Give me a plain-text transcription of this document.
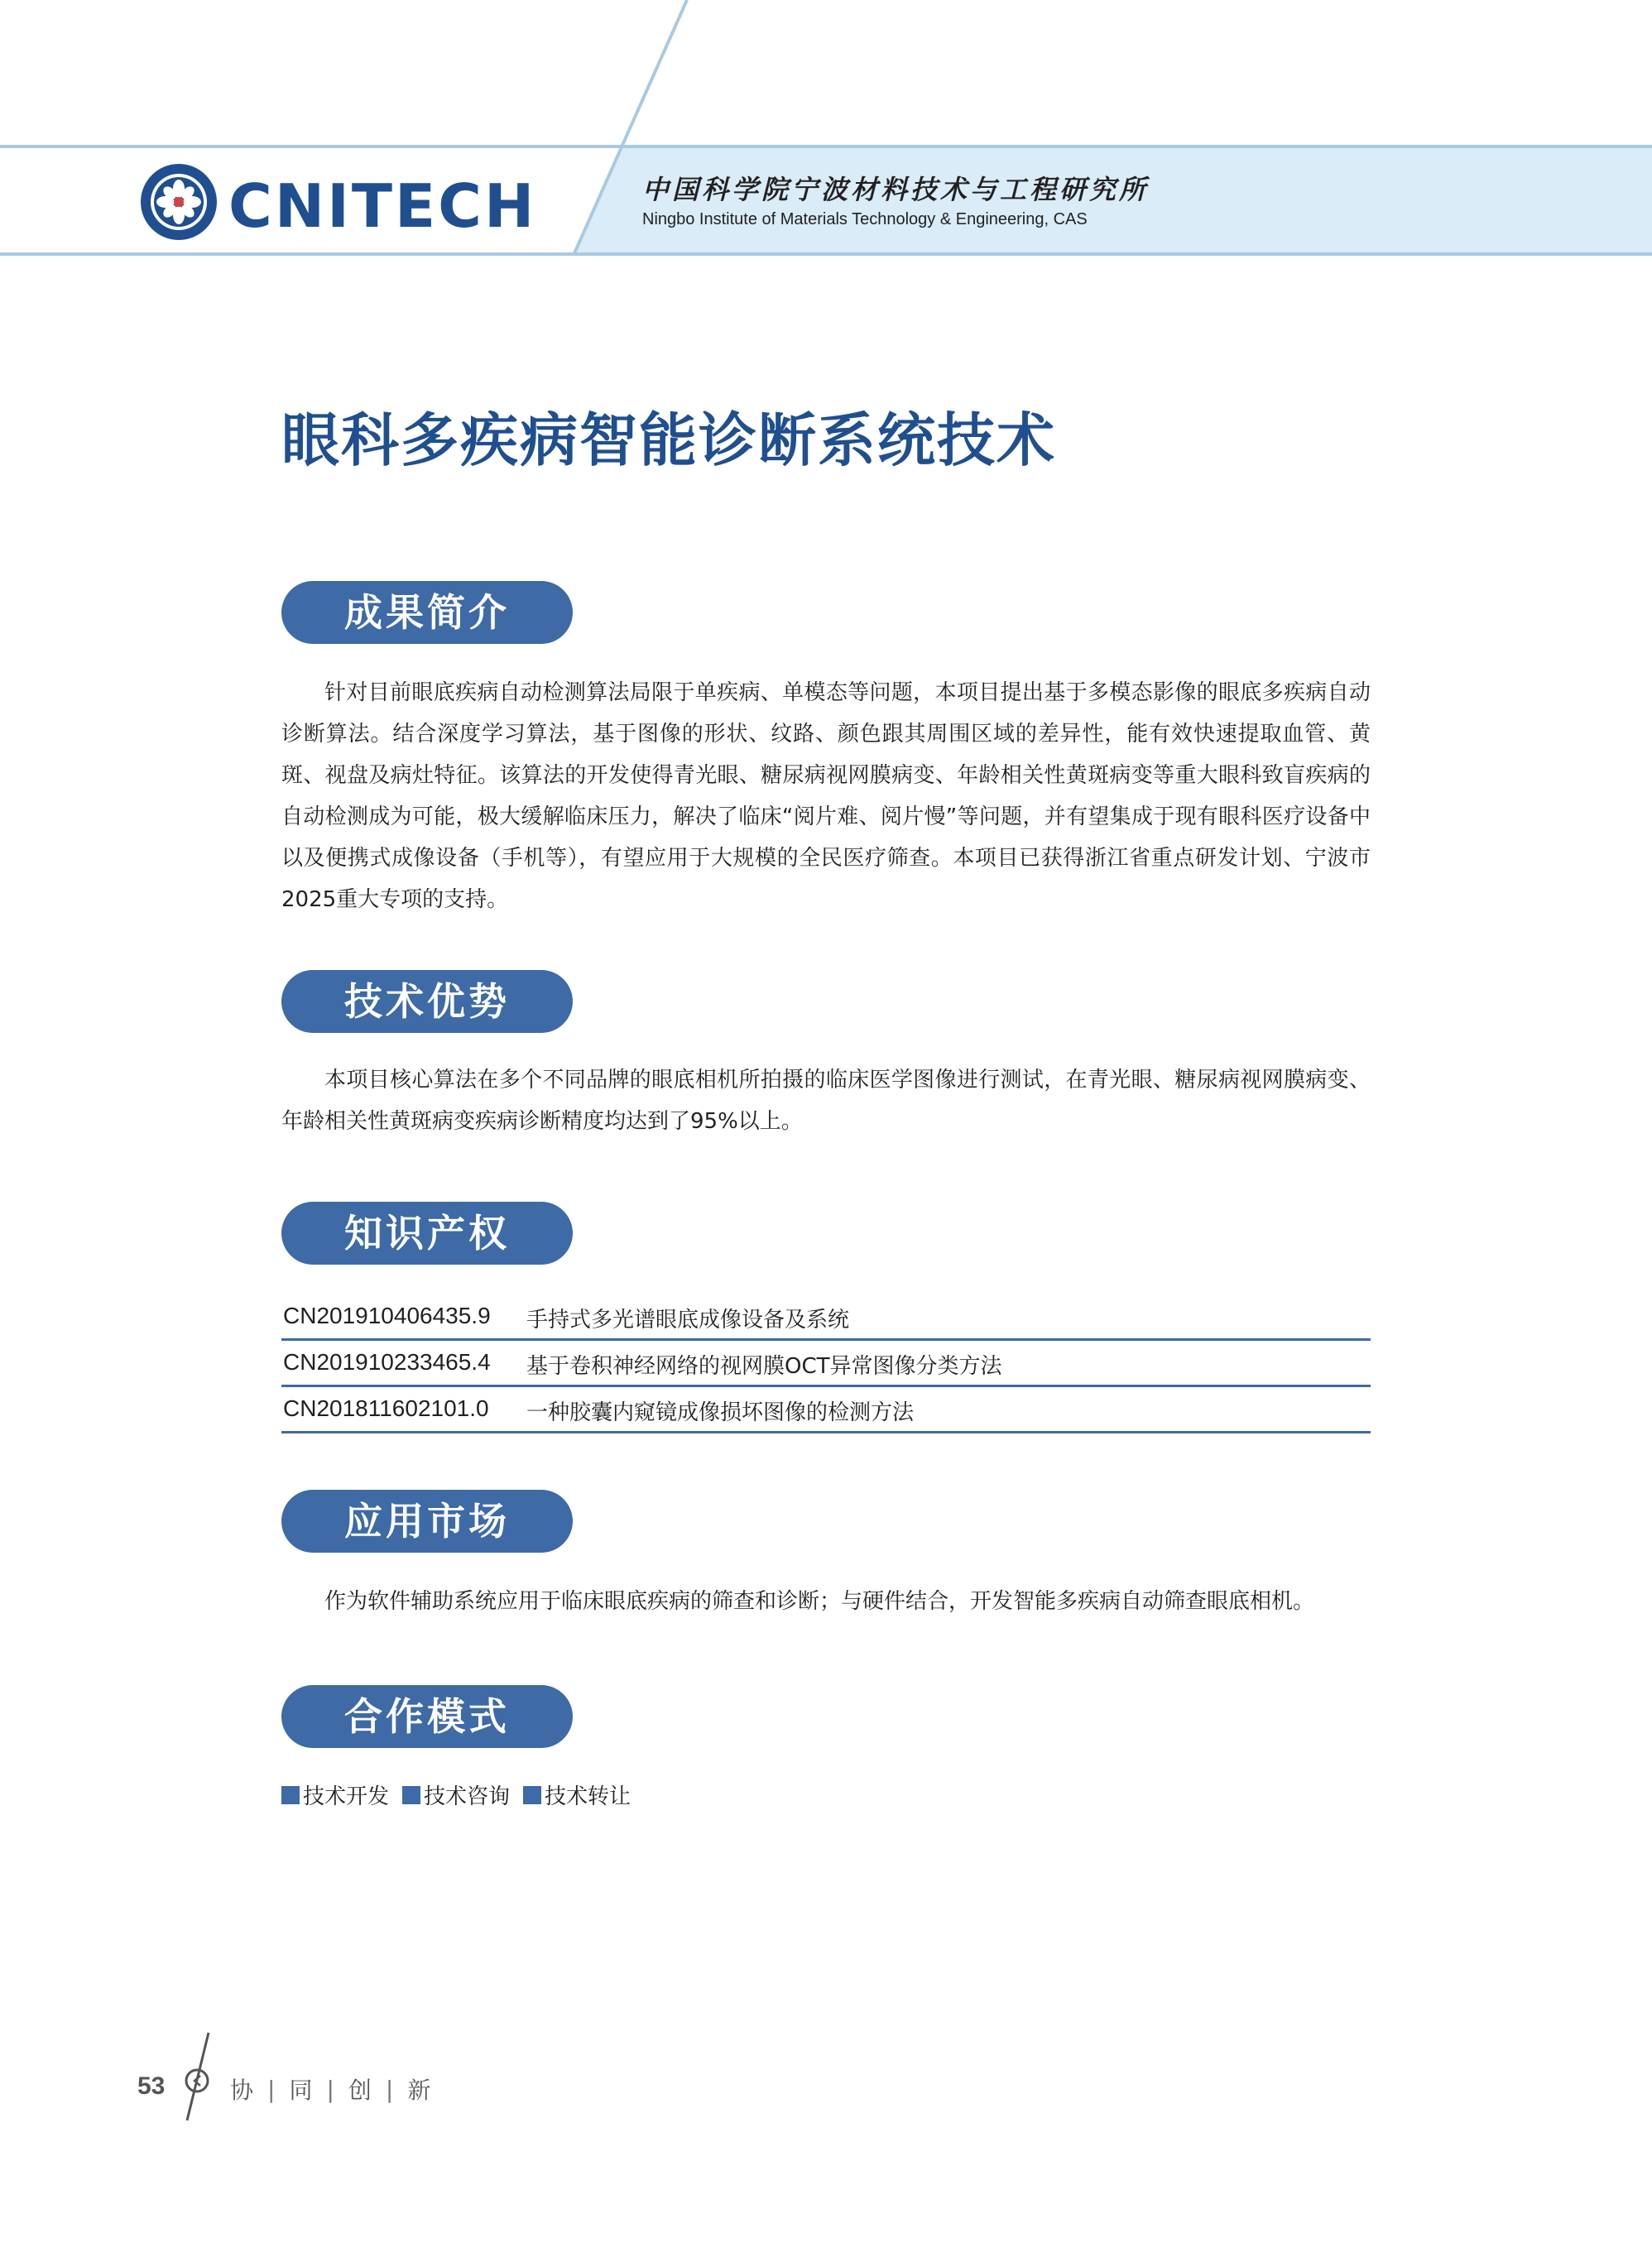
CNITECH	中国科学院宁波材料技术与工程研究所
Ningbo Institute of Materials Technology & Engineering, CAS
眼科多疾病智能诊断系统技术
成果简介

针对目前眼底疾病自动检测算法局限于单疾病、单模态等问题，本项目提出基于多模态影像的眼底多疾病自动诊断算法。结合深度学习算法，基于图像的形状、纹路、颜色跟其周围区域的差异性，能有效快速提取血管、黄斑、视盘及病灶特征。该算法的开发使得青光眼、糖尿病视网膜病变、年龄相关性黄斑病变等重大眼科致盲疾病的自动检测成为可能，极大缓解临床压力，解决了临床“阅片难、阅片慢”等问题，并有望集成于现有眼科医疗设备中以及便携式成像设备（手机等），有望应用于大规模的全民医疗筛查。本项目已获得浙江省重点研发计划、宁波市2025重大专项的支持。

技术优势

本项目核心算法在多个不同品牌的眼底相机所拍摄的临床医学图像进行测试，在青光眼、糖尿病视网膜病变、年龄相关性黄斑病变疾病诊断精度均达到了95%以上。

知识产权
CN201910406435.9	手持式多光谱眼底成像设备及系统
CN201910233465.4	基于卷积神经网络的视网膜OCT异常图像分类方法
CN201811602101.0	一种胶囊内窥镜成像损坏图像的检测方法
应用市场

作为软件辅助系统应用于临床眼底疾病的筛查和诊断；与硬件结合，开发智能多疾病自动筛查眼底相机。

合作模式
技术开发 技术咨询 技术转让
53	协 | 同 | 创 | 新
